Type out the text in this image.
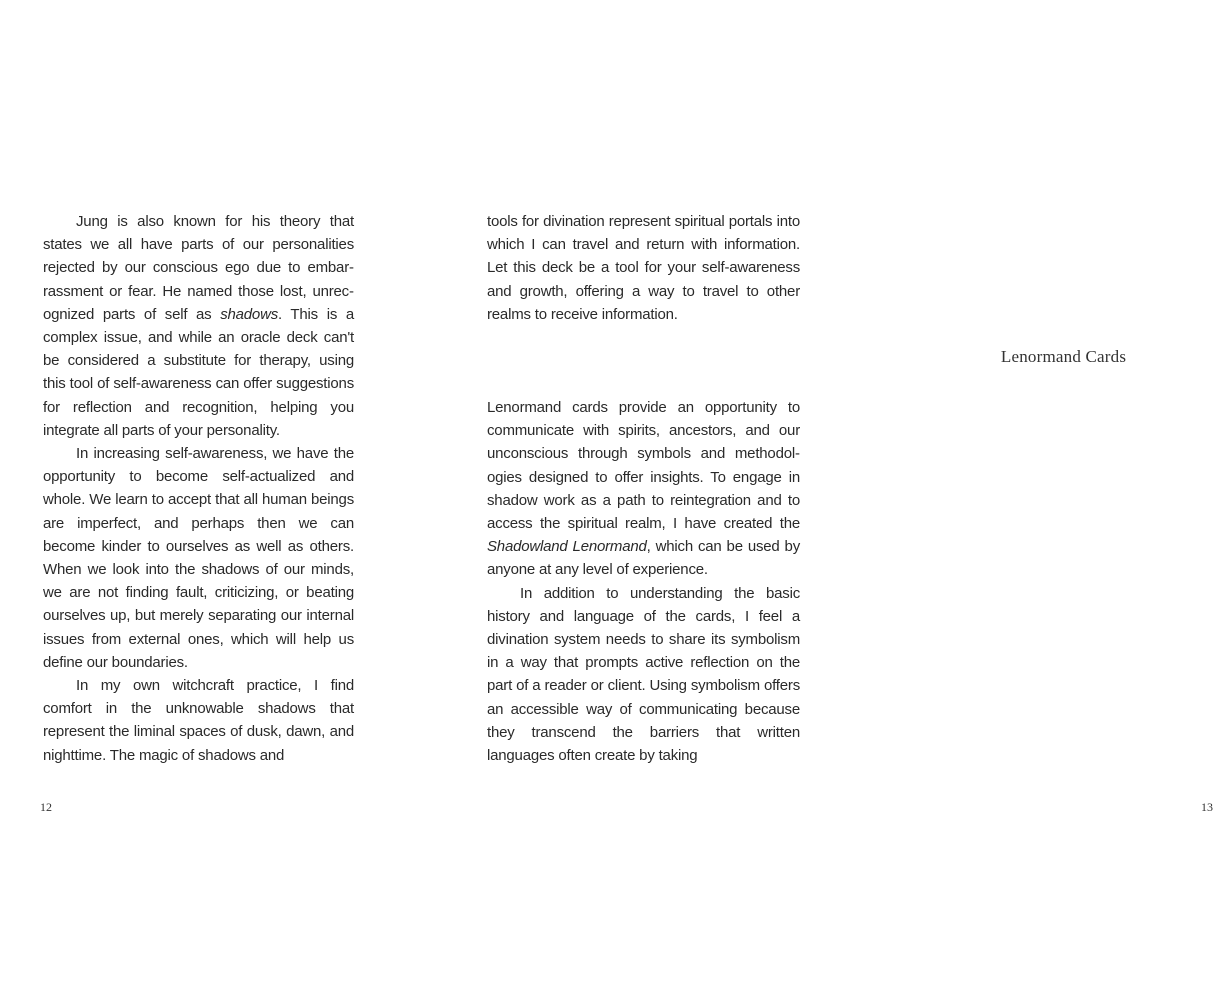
Jung is also known for his theory that states we all have parts of our personalities rejected by our conscious ego due to embarrassment or fear. He named those lost, unrecognized parts of self as shadows. This is a complex issue, and while an oracle deck can't be considered a substitute for therapy, using this tool of self-awareness can offer suggestions for reflection and recognition, helping you integrate all parts of your personality.

In increasing self-awareness, we have the opportunity to become self-actualized and whole. We learn to accept that all human beings are imperfect, and perhaps then we can become kinder to ourselves as well as others. When we look into the shadows of our minds, we are not finding fault, criticizing, or beating ourselves up, but merely separating our internal issues from external ones, which will help us define our boundaries.

In my own witchcraft practice, I find comfort in the unknowable shadows that represent the liminal spaces of dusk, dawn, and nighttime. The magic of shadows and

12

tools for divination represent spiritual portals into which I can travel and return with information. Let this deck be a tool for your self-awareness and growth, offering a way to travel to other realms to receive information.

Lenormand Cards

Lenormand cards provide an opportunity to communicate with spirits, ancestors, and our unconscious through symbols and methodologies designed to offer insights. To engage in shadow work as a path to reintegration and to access the spiritual realm, I have created the Shadowland Lenormand, which can be used by anyone at any level of experience.

In addition to understanding the basic history and language of the cards, I feel a divination system needs to share its symbolism in a way that prompts active reflection on the part of a reader or client. Using symbolism offers an accessible way of communicating because they transcend the barriers that written languages often create by taking

13
